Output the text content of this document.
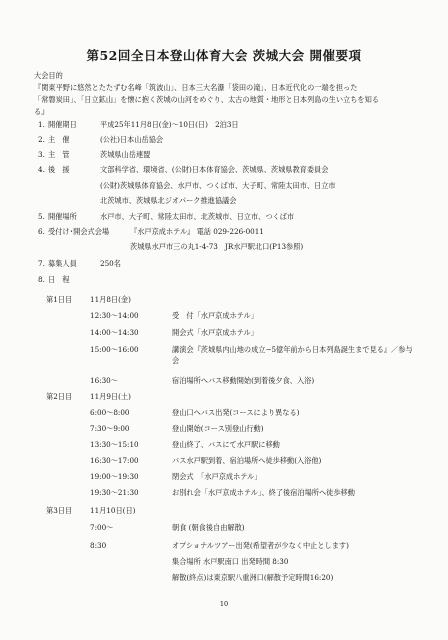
第52回全日本登山体育大会 茨城大会 開催要項

大会目的

『関東平野に悠然とたたずむ名峰「筑波山」、日本三大名瀑「袋田の滝」、日本近代化の一端を担った

「常磐炭田」、「日立鉱山」を懐に抱く茨城の山河をめぐり、太古の地質・地形と日本列島の生い立ちを知る

る』

1. 開催期日	平成25年11月8日(金)〜10日(日)　2泊3日
2. 主　催	(公社)日本山岳協会
3. 主　管	茨城県山岳連盟
4. 後　援	文部科学省、環境省、(公財)日本体育協会、茨城県、茨城県教育委員会
(公財)茨城県体育協会、水戸市、つくば市、大子町、常陸太田市、日立市
北茨城市、茨城県北ジオパーク推進協議会
5. 開催場所	水戸市、大子町、常陸太田市、北茨城市、日立市、つくば市
6. 受付け･開会式会場	『水戸京成ホテル』 電話 029-226-0011
茨城県水戸市三の丸1-4-73　JR水戸駅北口(P13参照)
7. 募集人員	250名
8. 日　程
第1日目 11月8日(金)
12:30〜14:00	受　付「水戸京成ホテル」
14:00〜14:30	開会式「水戸京成ホテル」
15:00〜16:00	講演会『茨城県内山地の成立−5億年前から日本列島誕生まで見る』／参与会
16:30〜	宿泊場所へバス移動開始(到着後夕食、入浴)
第2日目 11月9日(土)
6:00〜8:00	登山口へバス出発(コースにより異なる)
7:30〜9:00	登山開始(コース別登山行動)
13:30〜15:10	登山終了、バスにて水戸駅に移動
16:30〜17:00	バス水戸駅到着、宿泊場所へ徒歩移動(入浴他)
19:00〜19:30	閉会式　「水戸京成ホテル」
19:30〜21:30	お別れ会「水戸京成ホテル」、終了後宿泊場所へ徒歩移動
第3日目 11月10日(日)
7:00〜	朝食 (朝食後自由解散)
8:30	オプショナルツアー出発(希望者が少なく中止とします)
集合場所 水戸駅南口 出発時間 8:30
解散(終点)は東京駅八重洲口(解散予定時間16:20)
10
